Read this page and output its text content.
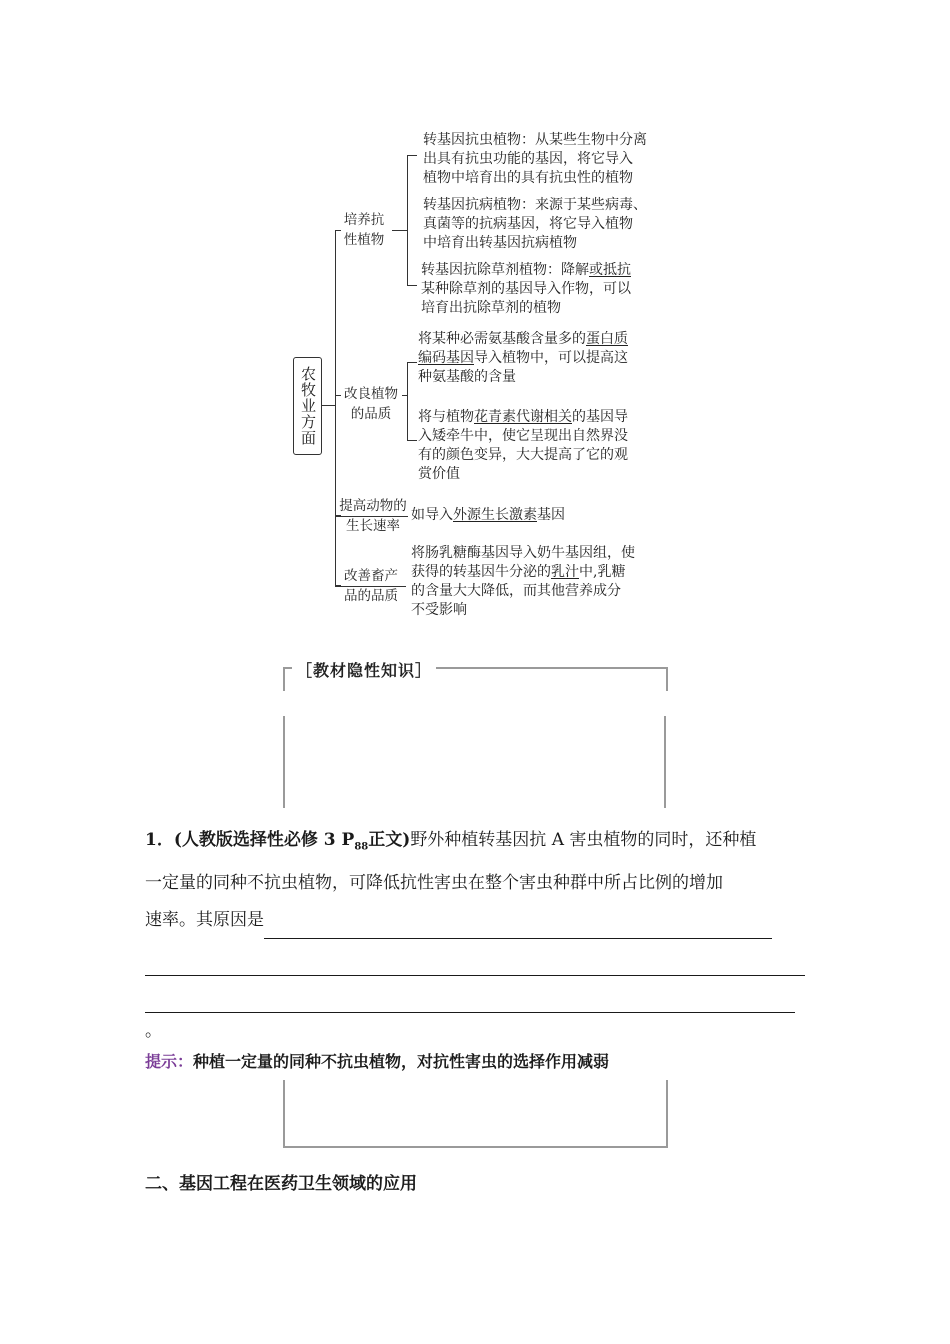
农牧业方面
培养抗
性植物
转基因抗虫植物：从某些生物中分离
出具有抗虫功能的基因，将它导入
植物中培育出的具有抗虫性的植物
转基因抗病植物：来源于某些病毒、
真菌等的抗病基因，将它导入植物
中培育出转基因抗病植物
转基因抗除草剂植物：降解或抵抗
某种除草剂的基因导入作物，可以
培育出抗除草剂的植物
改良植物
的品质
将某种必需氨基酸含量多的蛋白质
编码基因导入植物中，可以提高这
种氨基酸的含量
将与植物花青素代谢相关的基因导
入矮牵牛中，使它呈现出自然界没
有的颜色变异，大大提高了它的观
赏价值
提高动物的
生长速率
如导入外源生长激素基因
改善畜产
品的品质
将肠乳糖酶基因导入奶牛基因组，使
获得的转基因牛分泌的乳汁中,乳糖
的含量大大降低，而其他营养成分
不受影响
［教材隐性知识］
1．(人教版选择性必修 3 $P_{88}$正文)野外种植转基因抗 A 害虫植物的同时，还种植
一定量的同种不抗虫植物，可降低抗性害虫在整个害虫种群中所占比例的增加
速率。其原因是
。
提示：种植一定量的同种不抗虫植物，对抗性害虫的选择作用减弱
二、基因工程在医药卫生领域的应用
